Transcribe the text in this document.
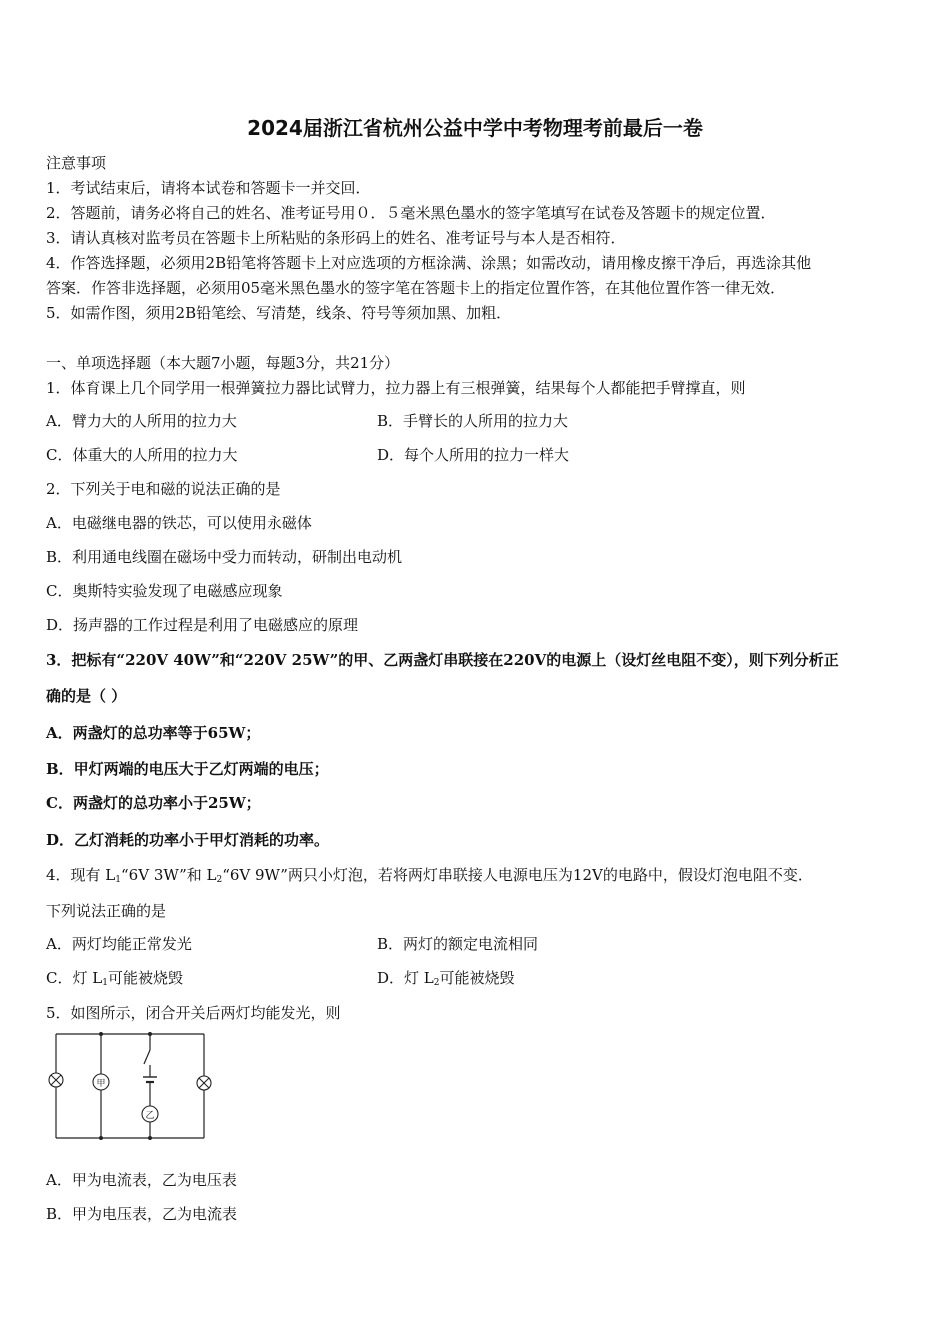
2024届浙江省杭州公益中学中考物理考前最后一卷
注意事项
1．考试结束后，请将本试卷和答题卡一并交回．
2．答题前，请务必将自己的姓名、准考证号用０．５毫米黑色墨水的签字笔填写在试卷及答题卡的规定位置．
3．请认真核对监考员在答题卡上所粘贴的条形码上的姓名、准考证号与本人是否相符．
4．作答选择题，必须用2B铅笔将答题卡上对应选项的方框涂满、涂黑；如需改动，请用橡皮擦干净后，再选涂其他
答案．作答非选择题，必须用05毫米黑色墨水的签字笔在答题卡上的指定位置作答，在其他位置作答一律无效．
5．如需作图，须用2B铅笔绘、写清楚，线条、符号等须加黑、加粗．
一、单项选择题（本大题7小题，每题3分，共21分）
1．体育课上几个同学用一根弹簧拉力器比试臂力，拉力器上有三根弹簧，结果每个人都能把手臂撑直，则
A．臂力大的人所用的拉力大	B．手臂长的人所用的拉力大
C．体重大的人所用的拉力大	D．每个人所用的拉力一样大
2．下列关于电和磁的说法正确的是
A．电磁继电器的铁芯，可以使用永磁体
B．利用通电线圈在磁场中受力而转动，研制出电动机
C．奥斯特实验发现了电磁感应现象
D．扬声器的工作过程是利用了电磁感应的原理
3．把标有“220V 40W”和“220V 25W”的甲、乙两盏灯串联接在220V的电源上（设灯丝电阻不变），则下列分析正
确的是（ ）
A．两盏灯的总功率等于65W；
B．甲灯两端的电压大于乙灯两端的电压；
C．两盏灯的总功率小于25W；
D．乙灯消耗的功率小于甲灯消耗的功率。
4．现有 $L_1“6V$ 3W”和 $L_2“6V$ 9W”两只小灯泡，若将两灯串联接人电源电压为12V的电路中，假设灯泡电阻不变．
下列说法正确的是
A．两灯均能正常发光	B．两灯的额定电流相同
C．灯 $L_1$可能被烧毁	D．灯 $L_2$可能被烧毁
5．如图所示，闭合开关后两灯均能发光，则
甲
乙
A．甲为电流表，乙为电压表
B．甲为电压表，乙为电流表
